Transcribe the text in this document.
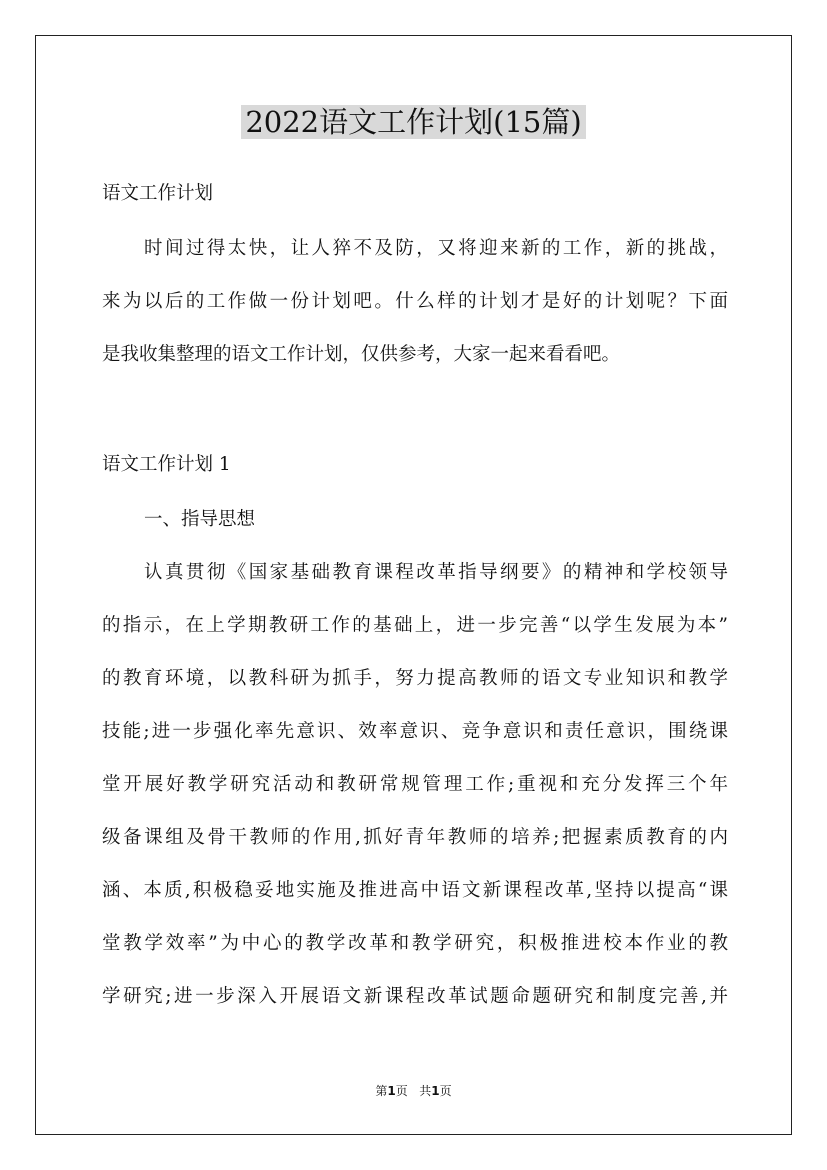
2022语文工作计划(15篇)

语文工作计划

时间过得太快，让人猝不及防，又将迎来新的工作，新的挑战，

来为以后的工作做一份计划吧。什么样的计划才是好的计划呢？下面

是我收集整理的语文工作计划，仅供参考，大家一起来看看吧。

语文工作计划 1

一、指导思想

认真贯彻《国家基础教育课程改革指导纲要》的精神和学校领导

的指示，在上学期教研工作的基础上，进一步完善“以学生发展为本”

的教育环境，以教科研为抓手，努力提高教师的语文专业知识和教学

技能;进一步强化率先意识、效率意识、竞争意识和责任意识，围绕课

堂开展好教学研究活动和教研常规管理工作;重视和充分发挥三个年

级备课组及骨干教师的作用,抓好青年教师的培养;把握素质教育的内

涵、本质,积极稳妥地实施及推进高中语文新课程改革,坚持以提高“课

堂教学效率”为中心的教学改革和教学研究，积极推进校本作业的教

学研究;进一步深入开展语文新课程改革试题命题研究和制度完善,并

第1页 共1页
